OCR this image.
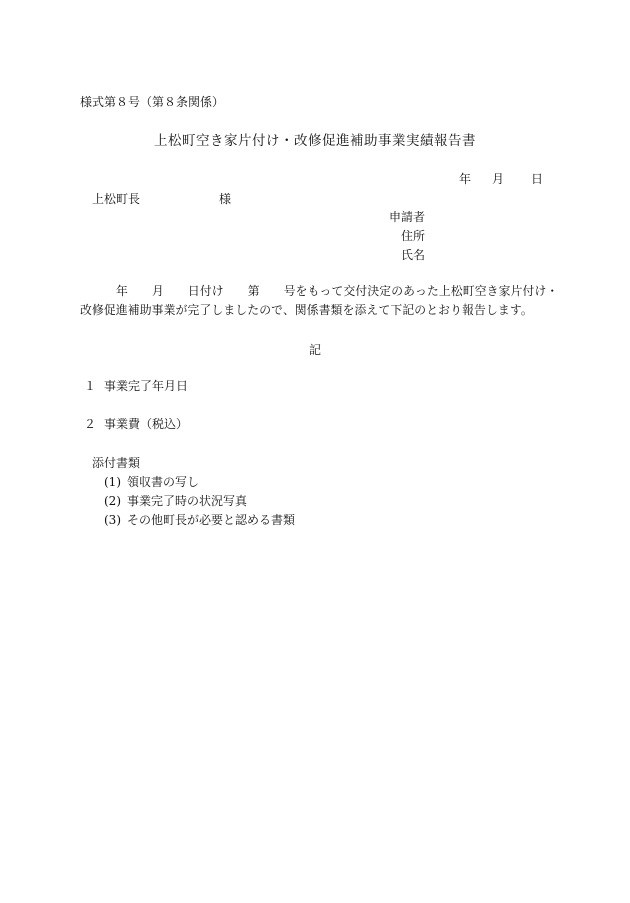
様式第８号（第８条関係）
上松町空き家片付け・改修促進補助事業実績報告書
年 月 日
上松町長	様
申請者
住所
氏名
年 月 日付け 第 号をもって交付決定のあった上松町空き家片付け・
改修促進補助事業が完了しましたので、関係書類を添えて下記のとおり報告します。
記
１ 事業完了年月日
２ 事業費（税込）
添付書類
(1) 領収書の写し
(2) 事業完了時の状況写真
(3) その他町長が必要と認める書類
